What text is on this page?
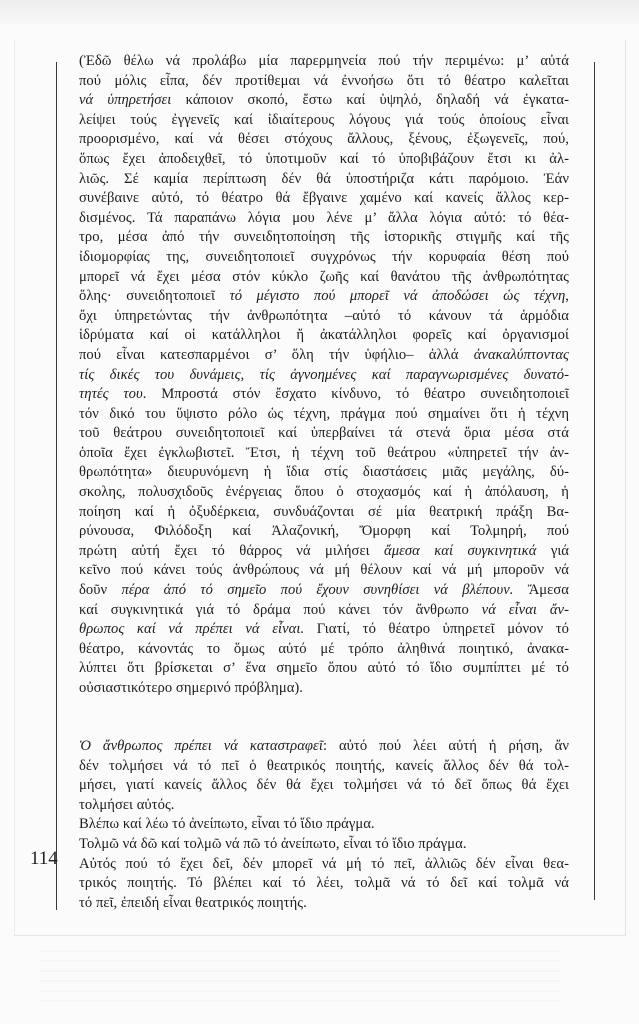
114
(Ἐδῶ θέλω νά προλάβω μία παρερμηνεία πού τήν περιμένω: μ’ αὐτά
πού μόλις εἶπα, δέν προτίθεμαι νά ἐννοήσω ὅτι τό θέατρο καλεῖται
νά ὑπηρετήσει κάποιον σκοπό, ἔστω καί ὑψηλό, δηλαδή νά ἐγκατα-
λείψει τούς ἐγγενεῖς καί ἰδιαίτερους λόγους γιά τούς ὁποίους εἶναι
προορισμένο, καί νά θέσει στόχους ἄλλους, ξένους, ἐξωγενεῖς, πού,
ὅπως ἔχει ἀποδειχθεῖ, τό ὑποτιμοῦν καί τό ὑποβιβάζουν ἔτσι κι ἀλ-
λιῶς. Σέ καμία περίπτωση δέν θά ὑποστήριζα κάτι παρόμοιο. Ἐάν
συνέβαινε αὐτό, τό θέατρο θά ἔβγαινε χαμένο καί κανείς ἄλλος κερ-
δισμένος. Τά παραπάνω λόγια μου λένε μ’ ἄλλα λόγια αὐτό: τό θέα-
τρο, μέσα ἀπό τήν συνειδητοποίηση τῆς ἱστορικῆς στιγμῆς καί τῆς
ἰδιομορφίας της, συνειδητοποιεῖ συγχρόνως τήν κορυφαία θέση πού
μπορεῖ νά ἔχει μέσα στόν κύκλο ζωῆς καί θανάτου τῆς ἀνθρωπότητας
ὅλης· συνειδητοποιεῖ τό μέγιστο πού μπορεῖ νά ἀποδώσει ὡς τέχνη,
ὄχι ὑπηρετώντας τήν ἀνθρωπότητα –αὐτό τό κάνουν τά ἁρμόδια
ἱδρύματα καί οἱ κατάλληλοι ἤ ἀκατάλληλοι φορεῖς καί ὀργανισμοί
πού εἶναι κατεσπαρμένοι σ’ ὅλη τήν ὑφήλιο– ἀλλά ἀνακαλύπτοντας
τίς δικές του δυνάμεις, τίς ἀγνοημένες καί παραγνωρισμένες δυνατό-
τητές του. Μπροστά στόν ἔσχατο κίνδυνο, τό θέατρο συνειδητοποιεῖ
τόν δικό του ὕψιστο ρόλο ὡς τέχνη, πράγμα πού σημαίνει ὅτι ἡ τέχνη
τοῦ θεάτρου συνειδητοποιεῖ καί ὑπερβαίνει τά στενά ὅρια μέσα στά
ὁποῖα ἔχει ἐγκλωβιστεῖ. Ἔτσι, ἡ τέχνη τοῦ θεάτρου «ὑπηρετεῖ τήν ἀν-
θρωπότητα» διευρυνόμενη ἡ ἴδια στίς διαστάσεις μιᾶς μεγάλης, δύ-
σκολης, πολυσχιδοῦς ἐνέργειας ὅπου ὁ στοχασμός καί ἡ ἀπόλαυση, ἡ
ποίηση καί ἡ ὀξυδέρκεια, συνδυάζονται σέ μία θεατρική πράξη Βα-
ρύνουσα, Φιλόδοξη καί Ἀλαζονική, Ὄμορφη καί Τολμηρή, πού
πρώτη αὐτή ἔχει τό θάρρος νά μιλήσει ἄμεσα καί συγκινητικά γιά
κεῖνο πού κάνει τούς ἀνθρώπους νά μή θέλουν καί νά μή μποροῦν νά
δοῦν πέρα ἀπό τό σημεῖο πού ἔχουν συνηθίσει νά βλέπουν. Ἄμεσα
καί συγκινητικά γιά τό δράμα πού κάνει τόν ἄνθρωπο νά εἶναι ἄν-
θρωπος καί νά πρέπει νά εἶναι. Γιατί, τό θέατρο ὑπηρετεῖ μόνον τό
θέατρο, κάνοντάς το ὅμως αὐτό μέ τρόπο ἀληθινά ποιητικό, ἀνακα-
λύπτει ὅτι βρίσκεται σ’ ἕνα σημεῖο ὅπου αὐτό τό ἴδιο συμπίπτει μέ τό
οὐσιαστικότερο σημερινό πρόβλημα).
Ὁ ἄνθρωπος πρέπει νά καταστραφεῖ: αὐτό πού λέει αὐτή ἡ ρήση, ἄν
δέν τολμήσει νά τό πεῖ ὁ θεατρικός ποιητής, κανείς ἄλλος δέν θά τολ-
μήσει, γιατί κανείς ἄλλος δέν θά ἔχει τολμήσει νά τό δεῖ ὅπως θά ἔχει
τολμήσει αὐτός.
Βλέπω καί λέω τό ἀνείπωτο, εἶναι τό ἴδιο πράγμα.
Τολμῶ νά δῶ καί τολμῶ νά πῶ τό ἀνείπωτο, εἶναι τό ἴδιο πράγμα.
Αὐτός πού τό ἔχει δεῖ, δέν μπορεῖ νά μή τό πεῖ, ἀλλιῶς δέν εἶναι θεα-
τρικός ποιητής. Τό βλέπει καί τό λέει, τολμᾶ νά τό δεῖ καί τολμᾶ νά
τό πεῖ, ἐπειδή εἶναι θεατρικός ποιητής.
